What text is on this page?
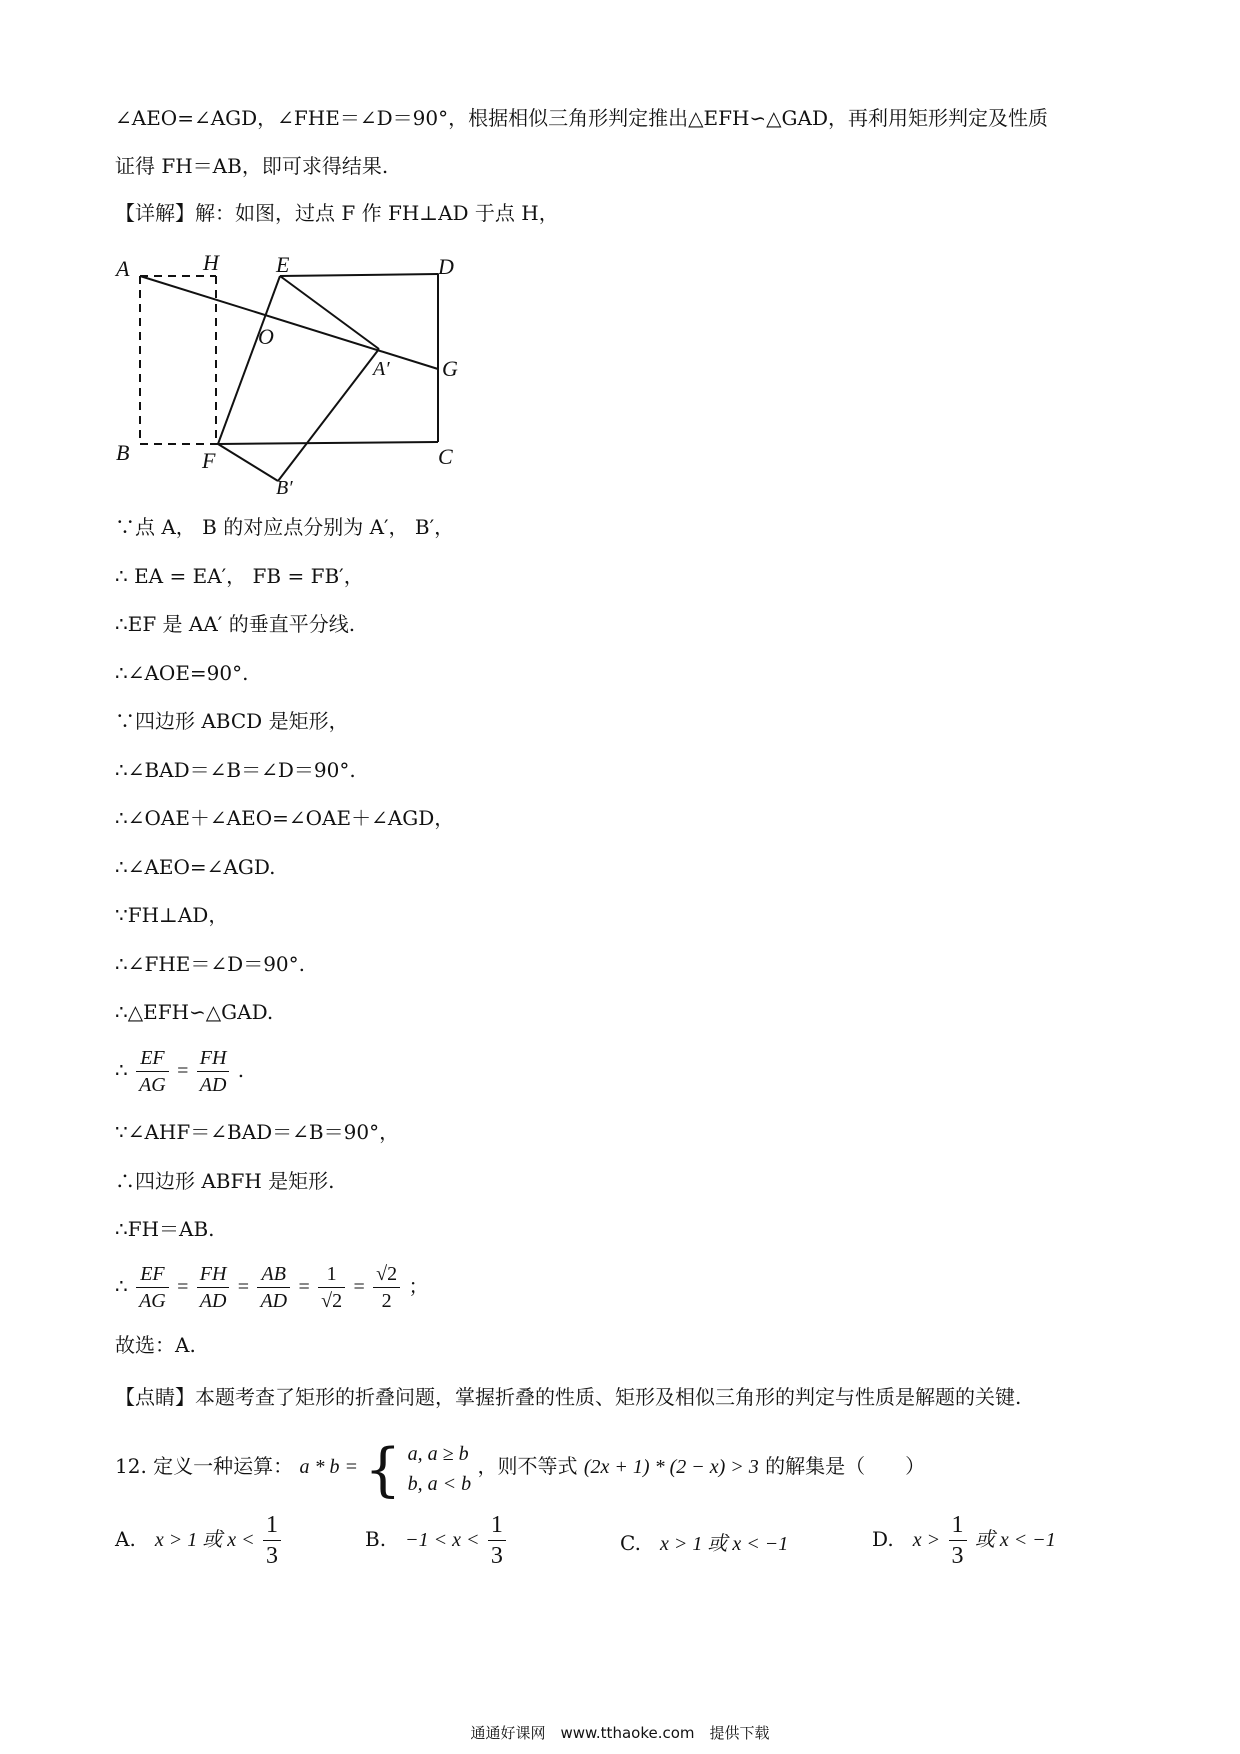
∠AEO=∠AGD，∠FHE＝∠D＝90°，根据相似三角形判定推出△EFH∽△GAD，再利用矩形判定及性质
证得 FH＝AB，即可求得结果.
【详解】解：如图，过点 F 作 FH⊥AD 于点 H，
A	H	E	D
O
A′ G
B	F	C
B′
∵点 A， B 的对应点分别为 A′， B′，
∴ EA = EA′， FB = FB′，
∴EF 是 AA′ 的垂直平分线.
∴∠AOE=90°.
∵四边形 ABCD 是矩形，
∴∠BAD＝∠B＝∠D＝90°.
∴∠OAE＋∠AEO=∠OAE＋∠AGD，
∴∠AEO=∠AGD.
∵FH⊥AD，
∴∠FHE＝∠D＝90°.
∴△EFH∽△GAD.
∴ $\frac{EF}{AG} = \frac{FH}{AD}$ .
∵∠AHF＝∠BAD＝∠B＝90°，
∴四边形 ABFH 是矩形.
∴FH＝AB.
∴ $\frac{EF}{AG} = \frac{FH}{AD} = \frac{AB}{AD} = \frac{1}{√2} = \frac{√2}{2}$ ；
故选：A.
【点睛】本题考查了矩形的折叠问题，掌握折叠的性质、矩形及相似三角形的判定与性质是解题的关键.
12. 定义一种运算： a * b = { a, a ≥ b
b, a < b
，则不等式 (2x + 1) * (2 − x) > 3 的解集是（　　）
A. x > 1 或 $x < \frac{1}{3}$	B. $-1 < x < \frac{1}{3}$	C. x > 1 或 x < −1	D. $x > \frac{1}{3}$ 或 x < −1
通通好课网　www.tthaoke.com　提供下载
